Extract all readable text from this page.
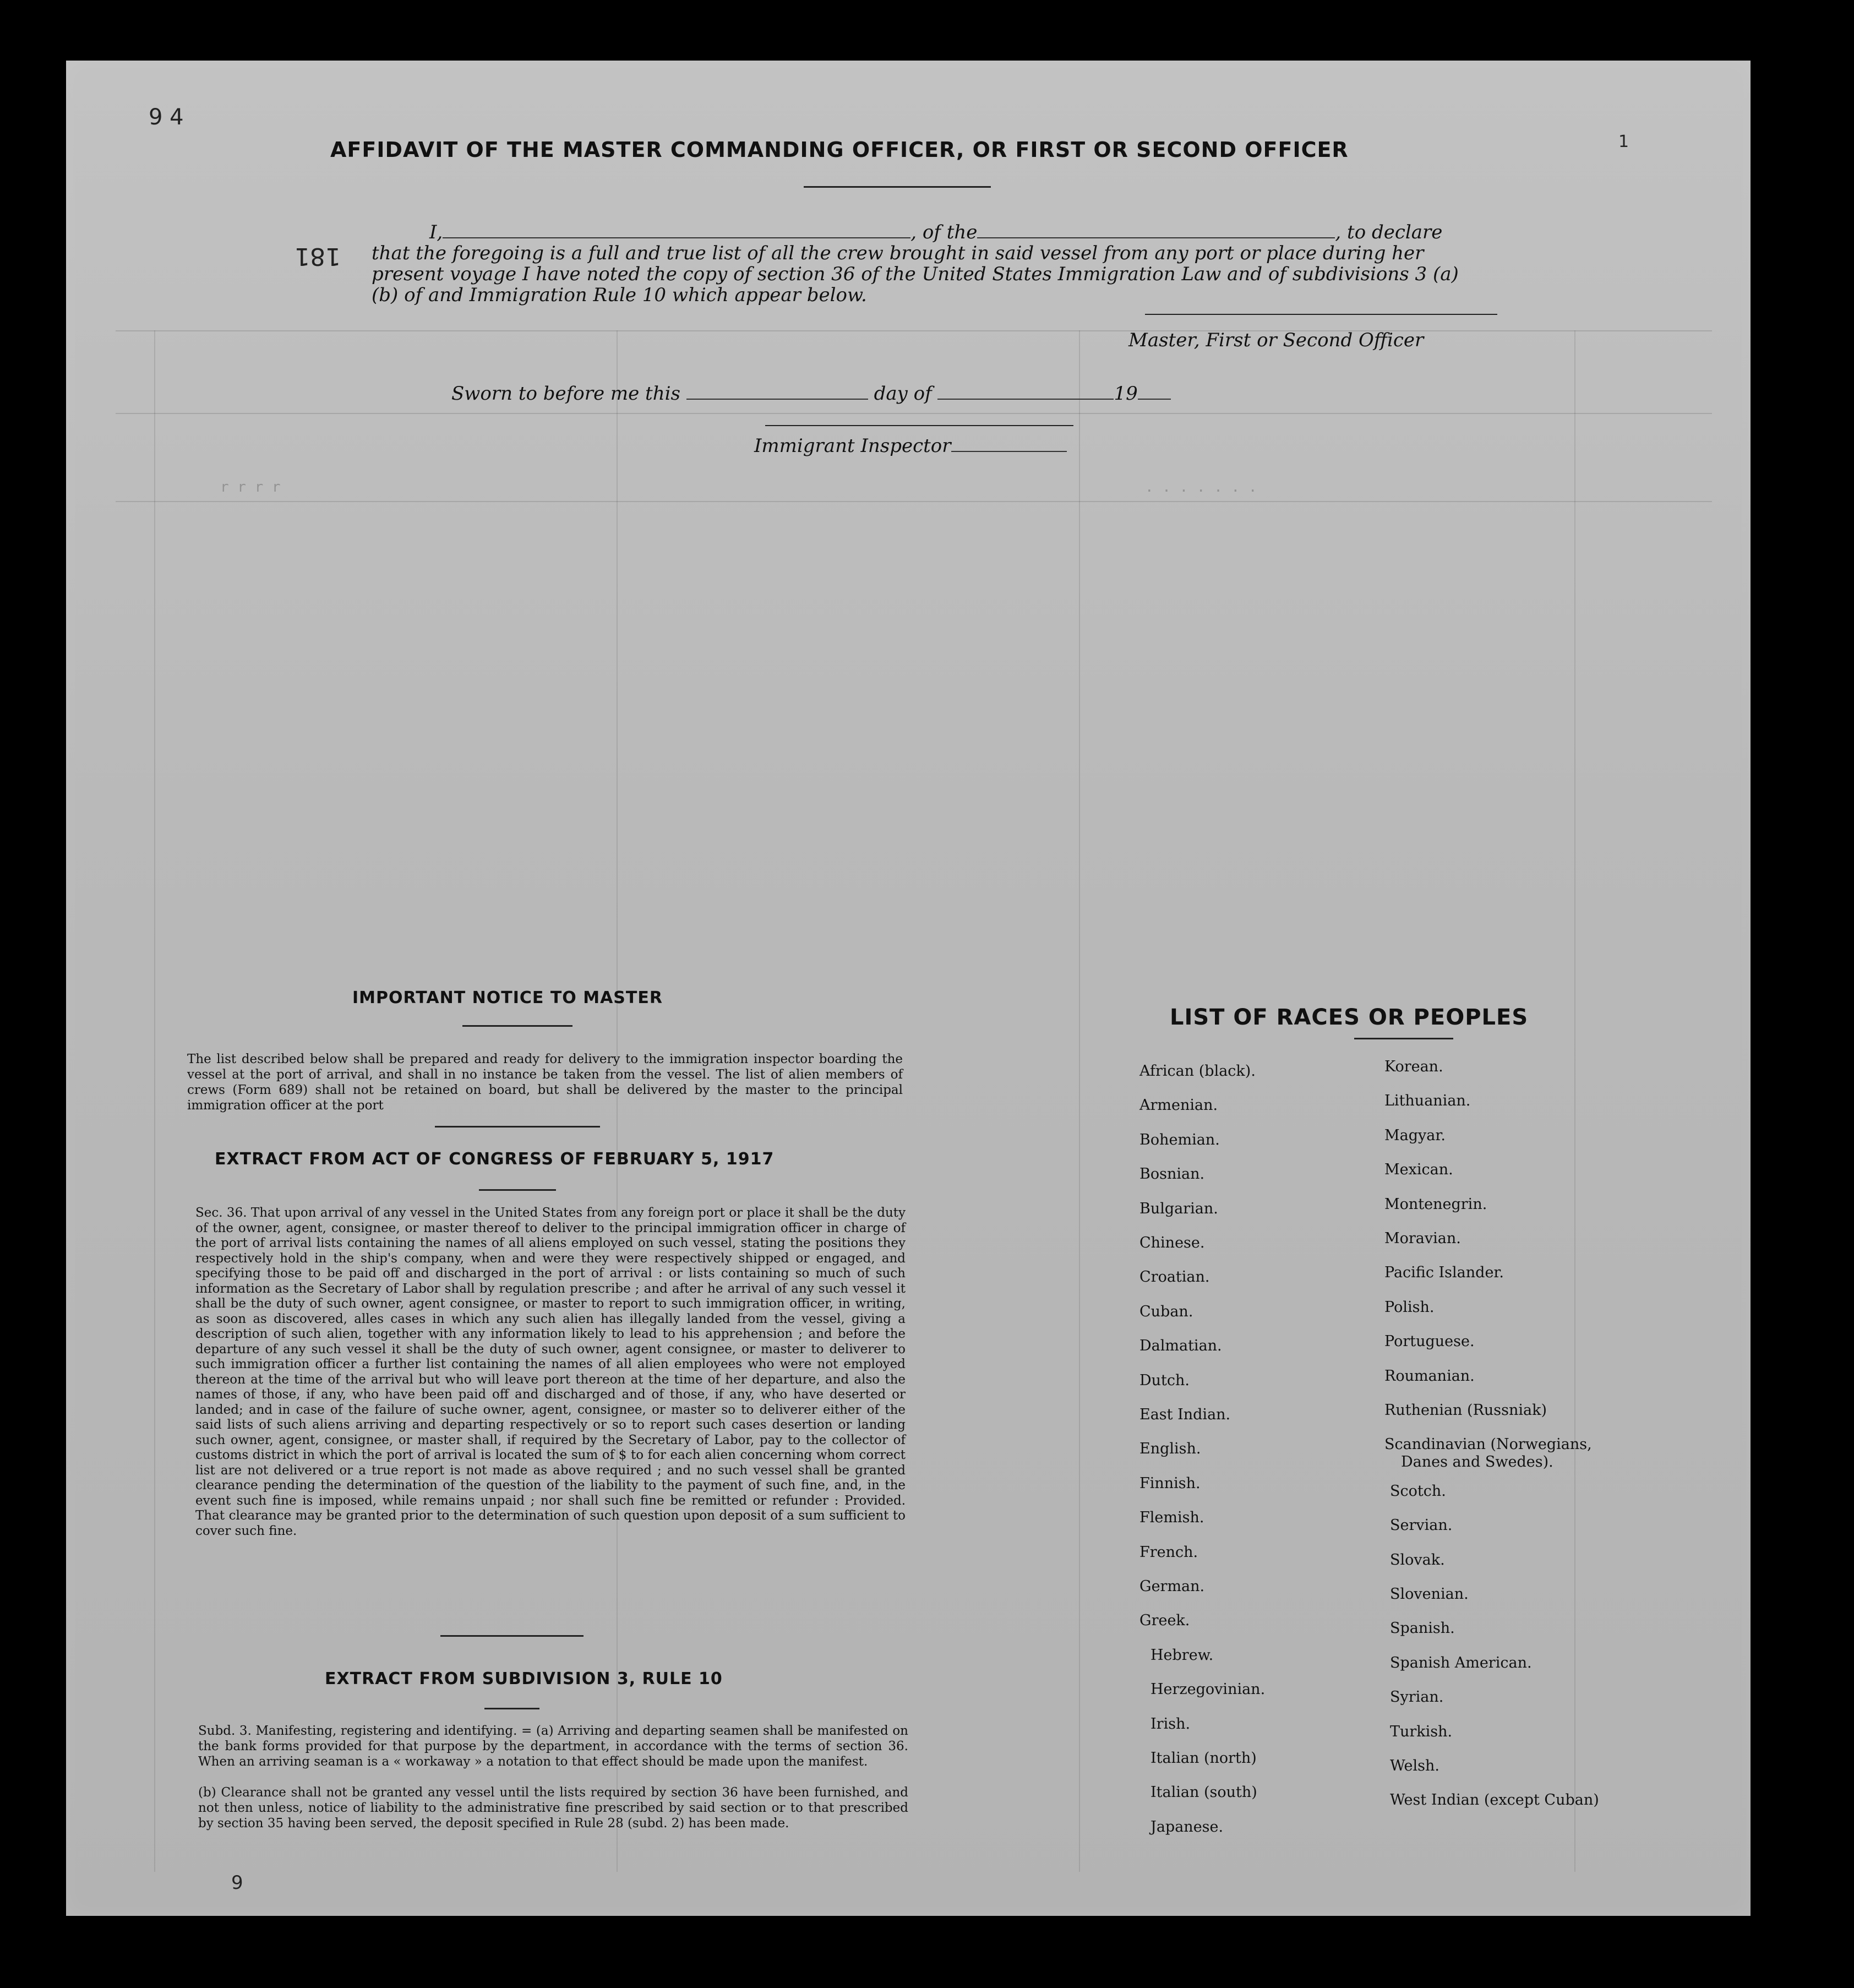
r r r r	. . . . . . .
9 4
181
1
9
AFFIDAVIT OF THE MASTER COMMANDING OFFICER, OR FIRST OR SECOND OFFICER
I,	, of the	, to declare
that the foregoing is a full and true list of all the crew brought in said vessel from any port or place during her
present voyage I have noted the copy of section 36 of the United States Immigration Law and of subdivisions 3 (a)
(b) of and Immigration Rule 10 which appear below.
Master, First or Second Officer
Sworn to before me this	day of	19
Immigrant Inspector
IMPORTANT NOTICE TO MASTER
The list described below shall be prepared and ready for delivery to the immigration inspector boarding the vessel at the port of arrival, and shall in no instance be taken from the vessel. The list of alien members of crews (Form 689) shall not be retained on board, but shall be delivered by the master to the principal immigration officer at the port
EXTRACT FROM ACT OF CONGRESS OF FEBRUARY 5, 1917
Sec. 36. That upon arrival of any vessel in the United States from any foreign port or place it shall be the duty of the owner, agent, consignee, or master thereof to deliver to the principal immigration officer in charge of the port of arrival lists containing the names of all aliens employed on such vessel, stating the positions they respectively hold in the ship's company, when and were they were respectively shipped or engaged, and specifying those to be paid off and discharged in the port of arrival : or lists containing so much of such information as the Secretary of Labor shall by regulation prescribe ; and after he arrival of any such vessel it shall be the duty of such owner, agent consignee, or master to report to such immigration officer, in writing, as soon as discovered, alles cases in which any such alien has illegally landed from the vessel, giving a description of such alien, together with any information likely to lead to his apprehension ; and before the departure of any such vessel it shall be the duty of such owner, agent consignee, or master to deliverer to such immigration officer a further list containing the names of all alien employees who were not employed thereon at the time of the arrival but who will leave port thereon at the time of her departure, and also the names of those, if any, who have been paid off and discharged and of those, if any, who have deserted or landed; and in case of the failure of suche owner, agent, consignee, or master so to deliverer either of the said lists of such aliens arriving and departing respectively or so to report such cases desertion or landing such owner, agent, consignee, or master shall, if required by the Secretary of Labor, pay to the collector of customs district in which the port of arrival is located the sum of $ to for each alien concerning whom correct list are not delivered or a true report is not made as above required ; and no such vessel shall be granted clearance pending the determination of the question of the liability to the payment of such fine, and, in the event such fine is imposed, while remains unpaid ; nor shall such fine be remitted or refunder : Provided. That clearance may be granted prior to the determination of such question upon deposit of a sum sufficient to cover such fine.
EXTRACT FROM SUBDIVISION 3, RULE 10
Subd. 3. Manifesting, registering and identifying. = (a) Arriving and departing seamen shall be manifested on the bank forms provided for that purpose by the department, in accordance with the terms of section 36. When an arriving seaman is a « workaway » a notation to that effect should be made upon the manifest.
(b) Clearance shall not be granted any vessel until the lists required by section 36 have been furnished, and not then unless, notice of liability to the administrative fine prescribed by said section or to that prescribed by section 35 having been served, the deposit specified in Rule 28 (subd. 2) has been made.
LIST OF RACES OR PEOPLES
African (black).
Armenian.
Bohemian.
Bosnian.
Bulgarian.
Chinese.
Croatian.
Cuban.
Dalmatian.
Dutch.
East Indian.
English.
Finnish.
Flemish.
French.
German.
Greek.
Hebrew.
Herzegovinian.
Irish.
Italian (north)
Italian (south)
Japanese.
Korean.
Lithuanian.
Magyar.
Mexican.
Montenegrin.
Moravian.
Pacific Islander.
Polish.
Portuguese.
Roumanian.
Ruthenian (Russniak)
Scandinavian (Norwegians,
Danes and Swedes).
Scotch.
Servian.
Slovak.
Slovenian.
Spanish.
Spanish American.
Syrian.
Turkish.
Welsh.
West Indian (except Cuban)
